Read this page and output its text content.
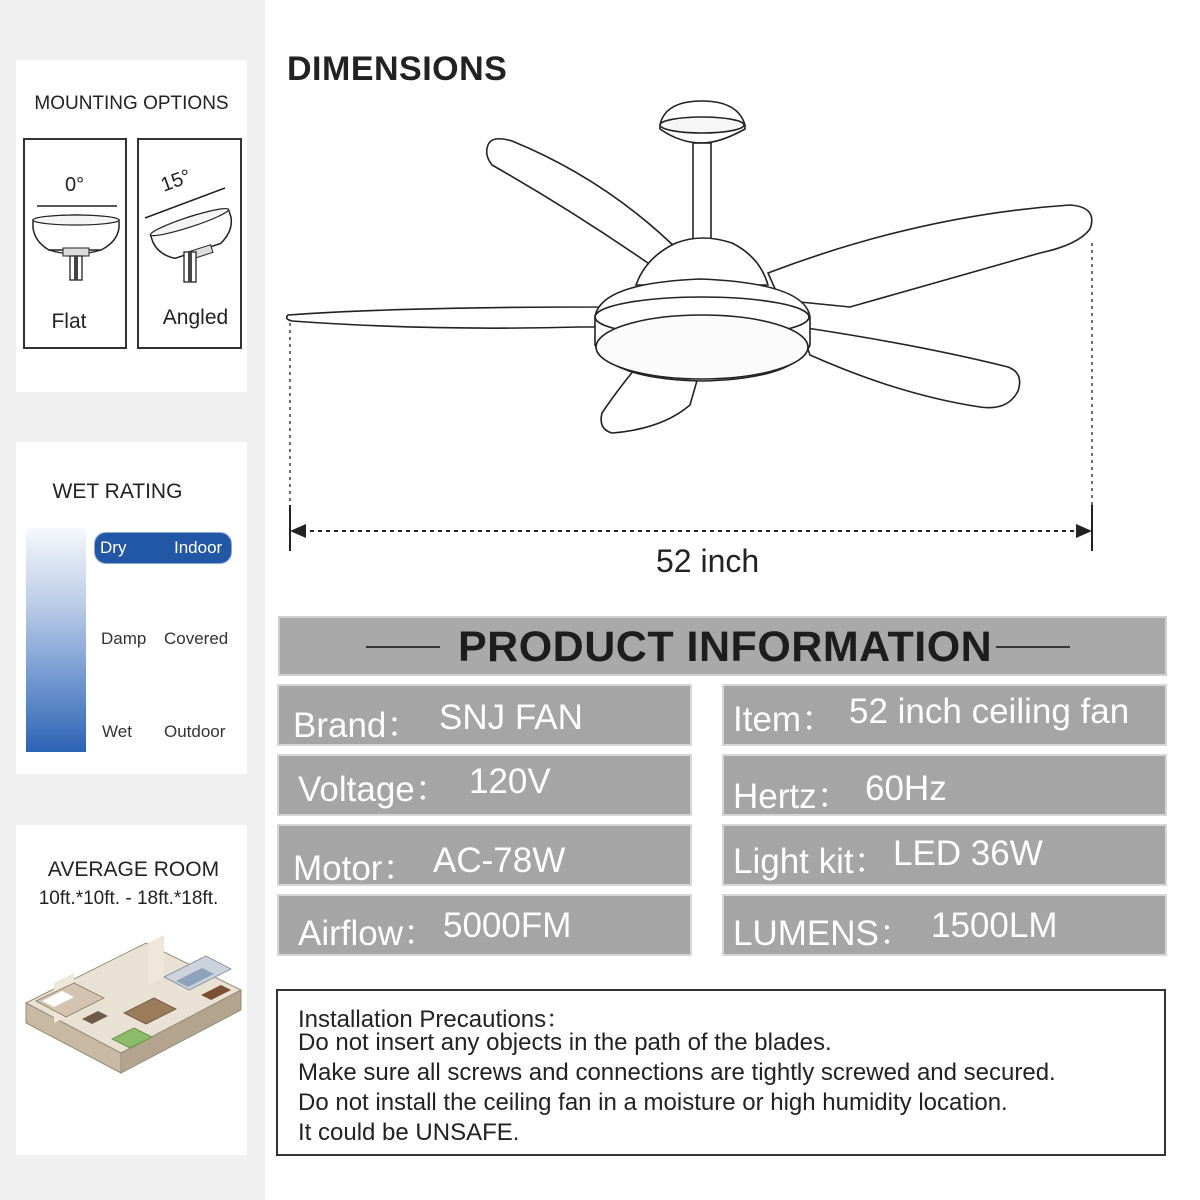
MOUNTING OPTIONS
0°
Flat
15°
Angled
WET RATING
Dry	Indoor
Damp Covered
Wet Outdoor
AVERAGE ROOM
10ft.*10ft. - 18ft.*18ft.
DIMENSIONS
52 inch
PRODUCT INFORMATION
Brand： SNJ FAN
Voltage： 120V
Motor： AC-78W
Airflow： 5000FM
Item： 52 inch ceiling fan
Hertz： 60Hz
Light kit： LED 36W
LUMENS： 1500LM
Installation Precautions：
Do not insert any objects in the path of the blades.
Make sure all screws and connections are tightly screwed and secured.
Do not install the ceiling fan in a moisture or high humidity location.
It could be UNSAFE.
